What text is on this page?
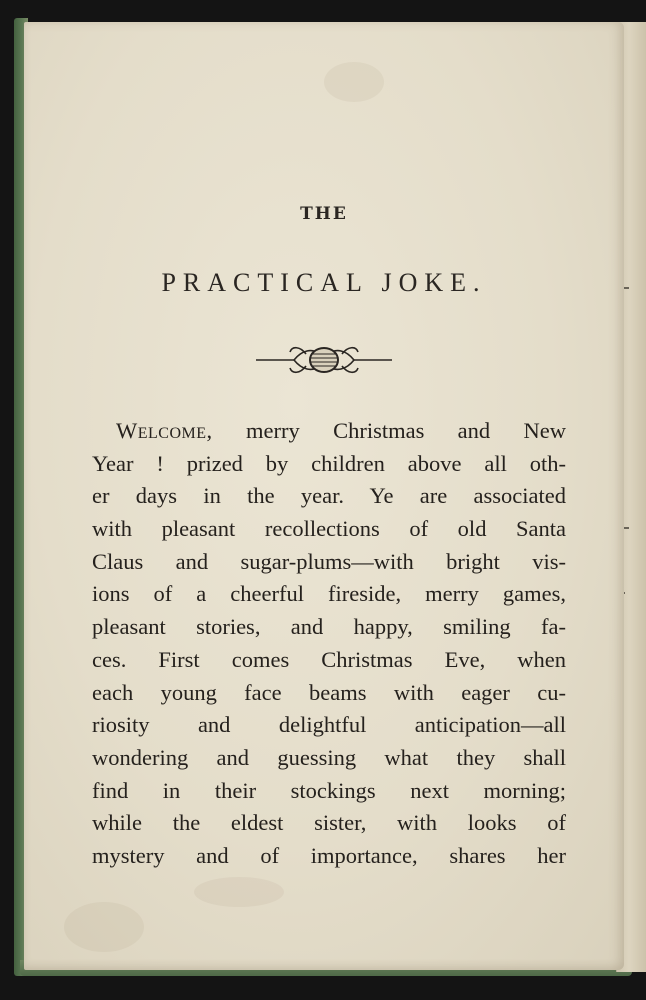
THE
PRACTICAL JOKE.
Welcome, merry Christmas and New
Year ! prized by children above all oth-
er days in the year. Ye are associated
with pleasant recollections of old Santa
Claus and sugar-plums—with bright vis-
ions of a cheerful fireside, merry games,
pleasant stories, and happy, smiling fa-
ces. First comes Christmas Eve, when
each young face beams with eager cu-
riosity and delightful anticipation—all
wondering and guessing what they shall
find in their stockings next morning;
while the eldest sister, with looks of
mystery and of importance, shares her
